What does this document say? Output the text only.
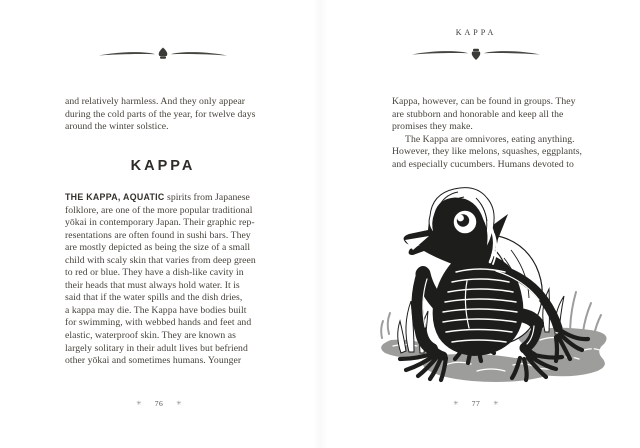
and relatively harmless. And they only appear
during the cold parts of the year, for twelve days
around the winter solstice.
KAPPA
THE KAPPA, AQUATIC spirits from Japanese
folklore, are one of the more popular traditional
yōkai in contemporary Japan. Their graphic rep-
resentations are often found in sushi bars. They
are mostly depicted as being the size of a small
child with scaly skin that varies from deep green
to red or blue. They have a dish-like cavity in
their heads that must always hold water. It is
said that if the water spills and the dish dries,
a kappa may die. The Kappa have bodies built
for swimming, with webbed hands and feet and
elastic, waterproof skin. They are known as
largely solitary in their adult lives but befriend
other yōkai and sometimes humans. Younger
✳ 76 ✳
KAPPA
Kappa, however, can be found in groups. They
are stubborn and honorable and keep all the
promises they make.
The Kappa are omnivores, eating anything.
However, they like melons, squashes, eggplants,
and especially cucumbers. Humans devoted to
✳ 77 ✳
